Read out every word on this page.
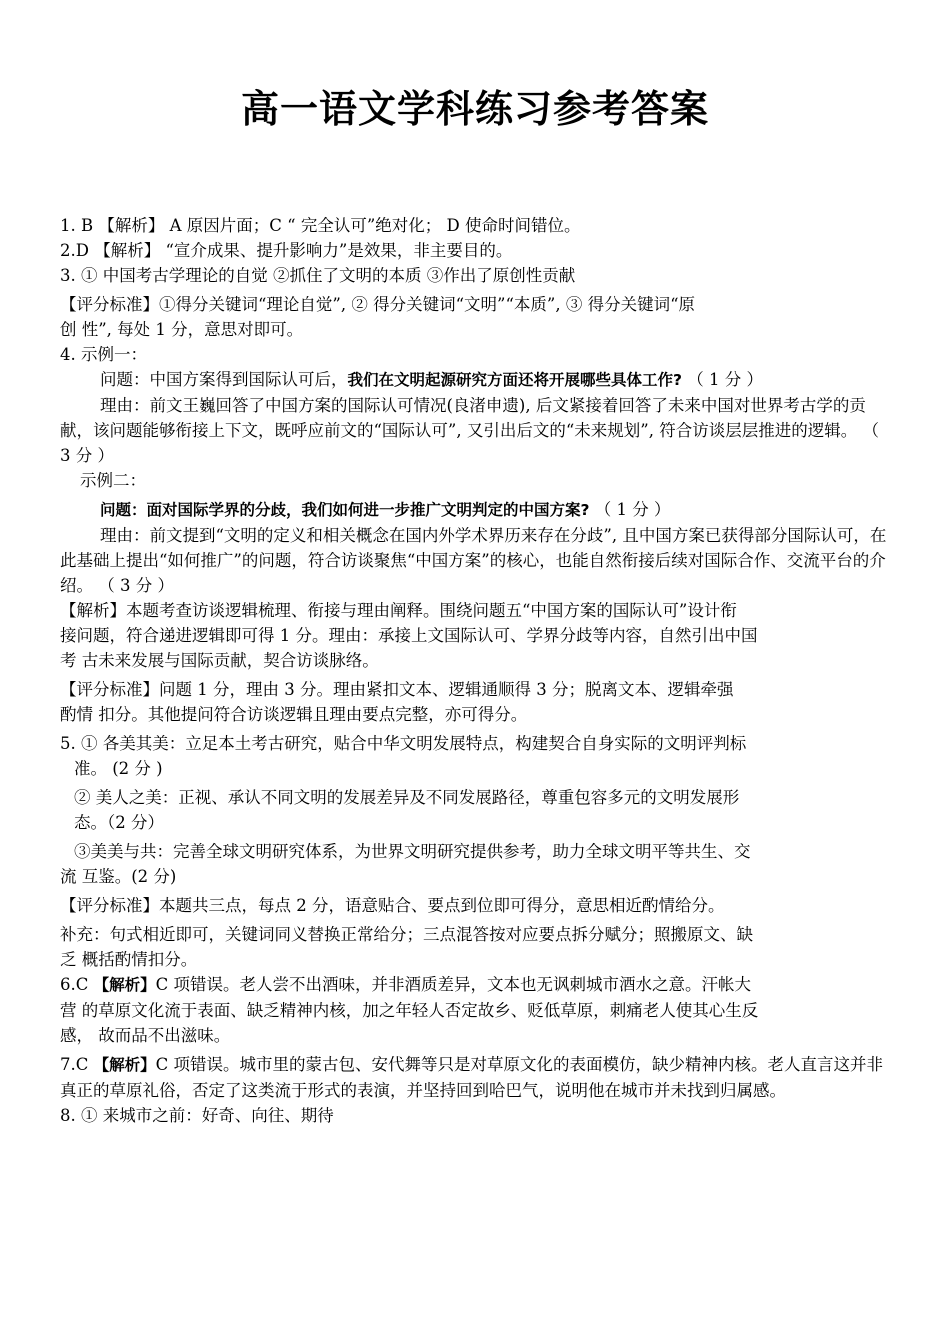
高一语文学科练习参考答案

1. B 【解析】 A 原因片面；C “ 完全认可”绝对化； D 使命时间错位。

2.D 【解析】 “宣介成果、提升影响力”是效果，非主要目的。

3. ① 中国考古学理论的自觉 ②抓住了文明的本质 ③作出了原创性贡献

【评分标准】①得分关键词“理论自觉”, ② 得分关键词“文明”“本质”, ③ 得分关键词“原
创 性”, 每处 1 分，意思对即可。

4. 示例一：

问题：中国方案得到国际认可后，我们在文明起源研究方面还将开展哪些具体工作? （ 1 分 ）

理由：前文王巍回答了中国方案的国际认可情况(良渚申遗), 后文紧接着回答了未来中国对世界考古学的贡献，该问题能够衔接上下文，既呼应前文的“国际认可”, 又引出后文的“未来规划”, 符合访谈层层推进的逻辑。 （ 3 分 ）

示例二：

问题：面对国际学界的分歧，我们如何进一步推广文明判定的中国方案? （ 1 分 ）

理由：前文提到“文明的定义和相关概念在国内外学术界历来存在分歧”, 且中国方案已获得部分国际认可，在此基础上提出“如何推广”的问题，符合访谈聚焦“中国方案”的核心，也能自然衔接后续对国际合作、交流平台的介绍。 （ 3 分 ）

【解析】本题考查访谈逻辑梳理、衔接与理由阐释。围绕问题五“中国方案的国际认可”设计衔
接问题，符合递进逻辑即可得 1 分。理由：承接上文国际认可、学界分歧等内容，自然引出中国
考 古未来发展与国际贡献，契合访谈脉络。

【评分标准】问题 1 分，理由 3 分。理由紧扣文本、逻辑通顺得 3 分；脱离文本、逻辑牵强
酌情 扣分。其他提问符合访谈逻辑且理由要点完整，亦可得分。

5. ① 各美其美：立足本土考古研究，贴合中华文明发展特点，构建契合自身实际的文明评判标
准。 (2 分 )

② 美人之美：正视、承认不同文明的发展差异及不同发展路径，尊重包容多元的文明发展形
态。（2 分）

③美美与共：完善全球文明研究体系，为世界文明研究提供参考，助力全球文明平等共生、交
流 互鉴。(2 分)

【评分标准】本题共三点，每点 2 分，语意贴合、要点到位即可得分，意思相近酌情给分。

补充：句式相近即可，关键词同义替换正常给分；三点混答按对应要点拆分赋分；照搬原文、缺
乏 概括酌情扣分。

6.C 【解析】C 项错误。老人尝不出酒味，并非酒质差异，文本也无讽刺城市酒水之意。汗帐大
营 的草原文化流于表面、缺乏精神内核，加之年轻人否定故乡、贬低草原，刺痛老人使其心生反
感， 故而品不出滋味。

7.C 【解析】C 项错误。城市里的蒙古包、安代舞等只是对草原文化的表面模仿，缺少精神内核。老人直言这并非真正的草原礼俗，否定了这类流于形式的表演，并坚持回到哈巴气，说明他在城市并未找到归属感。

8. ① 来城市之前：好奇、向往、期待
